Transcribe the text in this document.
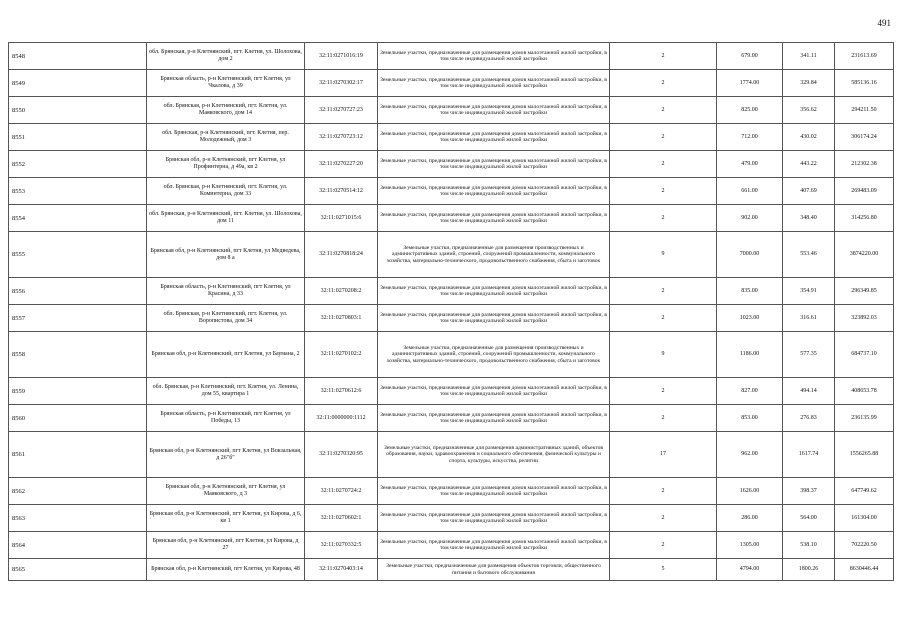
491
8548	обл. Брянская, р-н Клетнянский, пгт. Клетня, ул. Шолохова, дом 2	32:11:0271016:19	Земельные участки, предназначенные для размещения домов малоэтажной жилой застройки, в том числе индивидуальной жилой застройки	2	679.00	341.11	231613.69
8549	Брянская область, р-н Клетнянский, пгт Клетня, ул Чкалова, д 39	32:11:0270302:17	Земельные участки, предназначенные для размещения домов малоэтажной жилой застройки, в том числе индивидуальной жилой застройки	2	1774.00	329.84	585136.16
8550	обл. Брянская, р-н Клетнянский, пгт. Клетня, ул. Маяковского, дом 14	32:11:0270727:23	Земельные участки, предназначенные для размещения домов малоэтажной жилой застройки, в том числе индивидуальной жилой застройки	2	825.00	356.62	294211.50
8551	обл. Брянская, р-н Клетнянский, пгт. Клетня, пер. Молодежный, дом 3	32:11:0270723:12	Земельные участки, предназначенные для размещения домов малоэтажной жилой застройки, в том числе индивидуальной жилой застройки	2	712.00	430.02	306174.24
8552	Брянская обл, р-н Клетнянский, пгт Клетня, ул Профинтерна, д 49а, кв 2	32:11:0270227:20	Земельные участки, предназначенные для размещения домов малоэтажной жилой застройки, в том числе индивидуальной жилой застройки	2	479.00	443.22	212302.38
8553	обл. Брянская, р-н Клетнянский, пгт. Клетня, ул. Коминтерна, дом 33	32:11:0270514:12	Земельные участки, предназначенные для размещения домов малоэтажной жилой застройки, в том числе индивидуальной жилой застройки	2	661.00	407.69	269483.09
8554	обл. Брянская, р-н Клетнянский, пгт. Клетня, ул. Шолохова, дом 11	32:11:0271015:6	Земельные участки, предназначенные для размещения домов малоэтажной жилой застройки, в том числе индивидуальной жилой застройки	2	902.00	348.40	314256.80
8555	Брянская обл, р-н Клетнянский, пгт Клетня, ул Медведева, дом 8 а	32:11:0270818:24	Земельные участки, предназначенные для размещения производственных и административных зданий, строений, сооружений промышленности, коммунального хозяйства, материально-технического, продовольственного снабжения, сбыта и заготовок	9	7000.00	553.46	3874220.00
8556	Брянская область, р-н Клетнянский, пгт Клетня, ул Красина, д 33	32:11:0270208:2	Земельные участки, предназначенные для размещения домов малоэтажной жилой застройки, в том числе индивидуальной жилой застройки	2	835.00	354.91	296349.85
8557	обл. Брянская, р-н Клетнянский, пгт. Клетня, ул. Воропистова, дом 34	32:11:0270803:1	Земельные участки, предназначенные для размещения домов малоэтажной жилой застройки, в том числе индивидуальной жилой застройки	2	1023.00	316.61	323892.03
8558	Брянская обл, р-н Клетнянский, пгт Клетня, ул Баумана, 2	32:11:0270102:2	Земельные участки, предназначенные для размещения производственных и административных зданий, строений, сооружений промышленности, коммунального хозяйства, материально-технического, продовольственного снабжения, сбыта и заготовок	9	1186.00	577.35	684737.10
8559	обл. Брянская, р-н Клетнянский, пгт. Клетня, ул. Ленина, дом 55, квартира 1	32:11:0270612:6	Земельные участки, предназначенные для размещения домов малоэтажной жилой застройки, в том числе индивидуальной жилой застройки	2	827.00	494.14	408653.78
8560	Брянская область, р-н Клетнянский, пгт Клетня, ул Победы, 13	32:11:0000000:1112	Земельные участки, предназначенные для размещения домов малоэтажной жилой застройки, в том числе индивидуальной жилой застройки	2	853.00	276.83	236135.99
8561	Брянская обл, р-н Клетнянский, пгт Клетня, ул Вокзальная, д 26"б"	32:11:0270320:95	Земельные участки, предназначенные для размещения административных зданий, объектов образования, науки, здравоохранения и социального обеспечения, физической культуры и спорта, культуры, искусства, религии	17	962.00	1617.74	1556265.88
8562	Брянская обл, р-н Клетнянский, пгт Клетня, ул Маяковского, д 3	32:11:0270724:2	Земельные участки, предназначенные для размещения домов малоэтажной жилой застройки, в том числе индивидуальной жилой застройки	2	1626.00	398.37	647749.62
8563	Брянская обл, р-н Клетнянский, пгт Клетня, ул Кирова, д 6, кв 1	32:11:0270602:1	Земельные участки, предназначенные для размещения домов малоэтажной жилой застройки, в том числе индивидуальной жилой застройки	2	286.00	564.00	161304.00
8564	Брянская обл, р-н Клетнянский, пгт Клетня, ул Кирова, д 27	32:11:0270332:5	Земельные участки, предназначенные для размещения домов малоэтажной жилой застройки, в том числе индивидуальной жилой застройки	2	1305.00	538.10	702220.50
8565	Брянская обл, р-н Клетнянский, пгт Клетня, ул Кирова, 48	32:11:0270403:14	Земельные участки, предназначенные для размещения объектов торговли, общественного питания и бытового обслуживания	5	4794.00	1800.26	8630446.44
